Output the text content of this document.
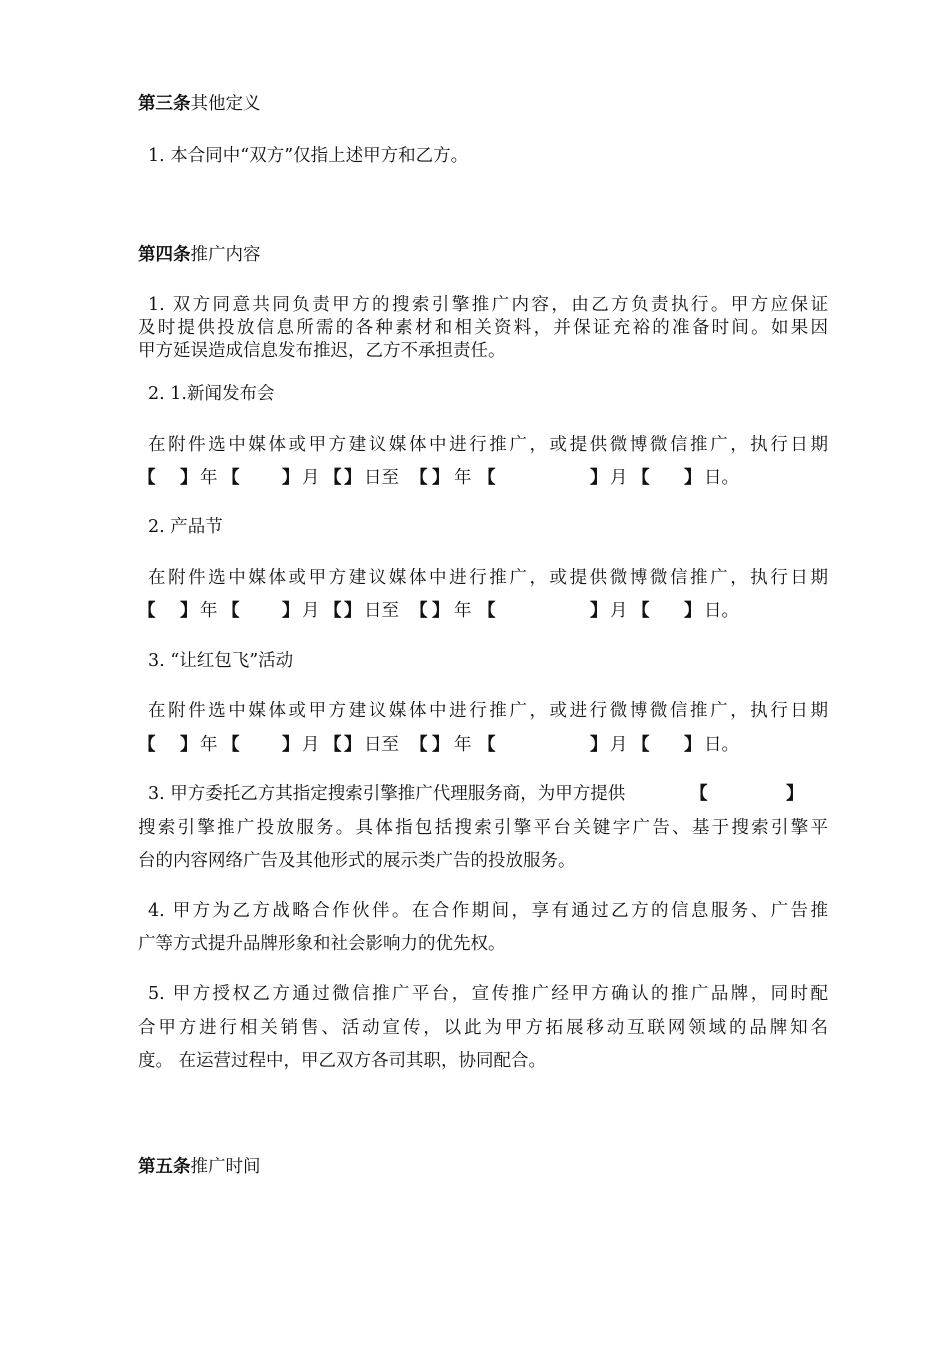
第三条其他定义
1. 本合同中“双方”仅指上述甲方和乙方。
第四条推广内容
1. 双方同意共同负责甲方的搜索引擎推广内容，由乙方负责执行。甲方应保证
及时提供投放信息所需的各种素材和相关资料，并保证充裕的准备时间。如果因
甲方延误造成信息发布推迟，乙方不承担责任。
2. 1.新闻发布会
在附件选中媒体或甲方建议媒体中进行推广，或提供微博微信推广，执行日期
【 】 年 【 】 月 【 】 日至 【 】 年 【	】 月 【 】 日。
2. 产品节
在附件选中媒体或甲方建议媒体中进行推广，或提供微博微信推广，执行日期
【 】 年 【 】 月 【 】 日至 【 】 年 【	】 月 【 】 日。
3. “让红包飞”活动
在附件选中媒体或甲方建议媒体中进行推广，或进行微博微信推广，执行日期
【 】 年 【 】 月 【 】 日至 【 】 年 【	】 月 【 】 日。
3. 甲方委托乙方其指定搜索引擎推广代理服务商，为甲方提供	【	】
搜索引擎推广投放服务。具体指包括搜索引擎平台关键字广告、基于搜索引擎平
台的内容网络广告及其他形式的展示类广告的投放服务。
4. 甲方为乙方战略合作伙伴。在合作期间，享有通过乙方的信息服务、广告推
广等方式提升品牌形象和社会影响力的优先权。
5. 甲方授权乙方通过微信推广平台，宣传推广经甲方确认的推广品牌，同时配
合甲方进行相关销售、活动宣传，以此为甲方拓展移动互联网领域的品牌知名
度。 在运营过程中，甲乙双方各司其职，协同配合。
第五条推广时间
